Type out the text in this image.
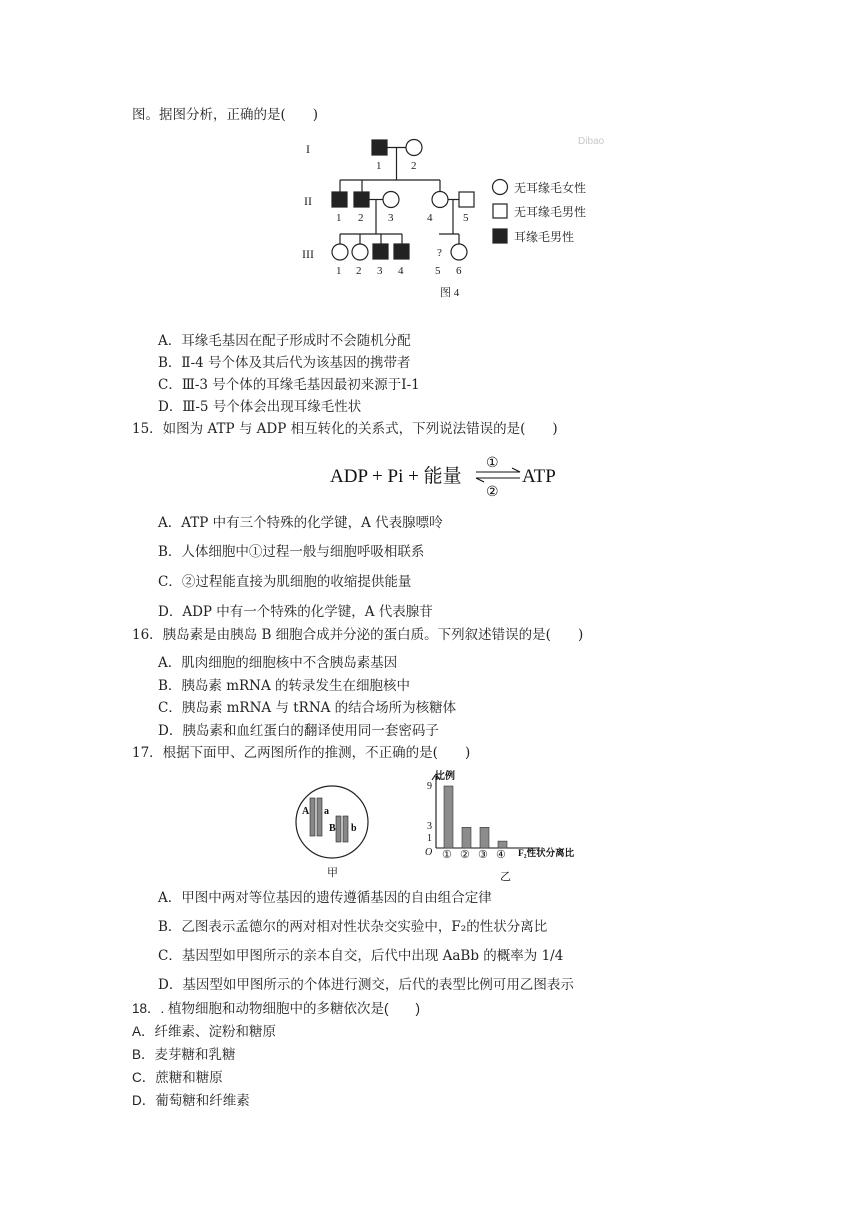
图。据图分析，正确的是(　　)
Dibao
I
II
III
1	2
1 2 3	4	5
?
1 2 3 4	5 6
无耳缘毛女性
无耳缘毛男性
耳缘毛男性
图 4
A．耳缘毛基因在配子形成时不会随机分配
B．Ⅱ-4 号个体及其后代为该基因的携带者
C．Ⅲ-3 号个体的耳缘毛基因最初来源于Ⅰ-1
D．Ⅲ-5 号个体会出现耳缘毛性状
15．如图为 ATP 与 ADP 相互转化的关系式，下列说法错误的是(　　)
ADP + Pi + 能量	ATP
①
②
A．ATP 中有三个特殊的化学键，A 代表腺嘌呤
B．人体细胞中①过程一般与细胞呼吸相联系
C．②过程能直接为肌细胞的收缩提供能量
D．ADP 中有一个特殊的化学键，A 代表腺苷
16．胰岛素是由胰岛 B 细胞合成并分泌的蛋白质。下列叙述错误的是(　　)
A．肌肉细胞的细胞核中不含胰岛素基因
B．胰岛素 mRNA 的转录发生在细胞核中
C．胰岛素 mRNA 与 tRNA 的结合场所为核糖体
D．胰岛素和血红蛋白的翻译使用同一套密码子
17．根据下面甲、乙两图所作的推测，不正确的是(　　)
A a
B b
甲
比例
9
3
1
O	F₂性状分离比
乙
① ② ③ ④
A．甲图中两对等位基因的遗传遵循基因的自由组合定律
B．乙图表示孟德尔的两对相对性状杂交实验中，F₂的性状分离比
C．基因型如甲图所示的亲本自交，后代中出现 AaBb 的概率为 1/4
D．基因型如甲图所示的个体进行测交，后代的表型比例可用乙图表示
18．. 植物细胞和动物细胞中的多糖依次是(　　)
A．纤维素、淀粉和糖原
B．麦芽糖和乳糖
C．蔗糖和糖原
D．葡萄糖和纤维素
